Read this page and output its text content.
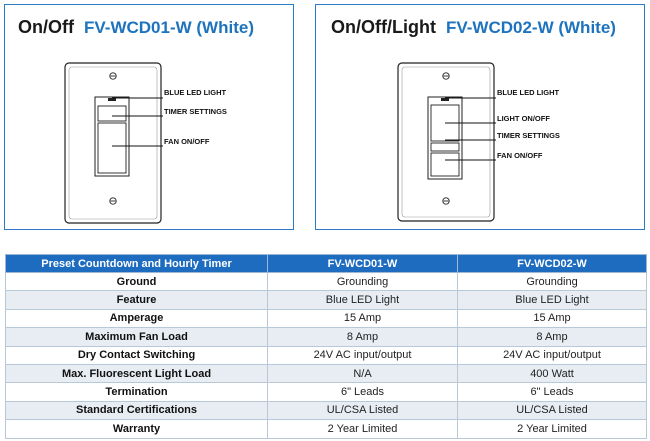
On/Off FV-WCD01-W (White)
BLUE LED LIGHT
TIMER SETTINGS
FAN ON/OFF
On/Off/Light FV-WCD02-W (White)
BLUE LED LIGHT
LIGHT ON/OFF
TIMER SETTINGS
FAN ON/OFF
Preset Countdown and Hourly Timer	FV-WCD01-W	FV-WCD02-W
Ground	Grounding	Grounding
Feature	Blue LED Light	Blue LED Light
Amperage	15 Amp	15 Amp
Maximum Fan Load	8 Amp	8 Amp
Dry Contact Switching	24V AC input/output	24V AC input/output
Max. Fluorescent Light Load	N/A	400 Watt
Termination	6" Leads	6" Leads
Standard Certifications	UL/CSA Listed	UL/CSA Listed
Warranty	2 Year Limited	2 Year Limited
